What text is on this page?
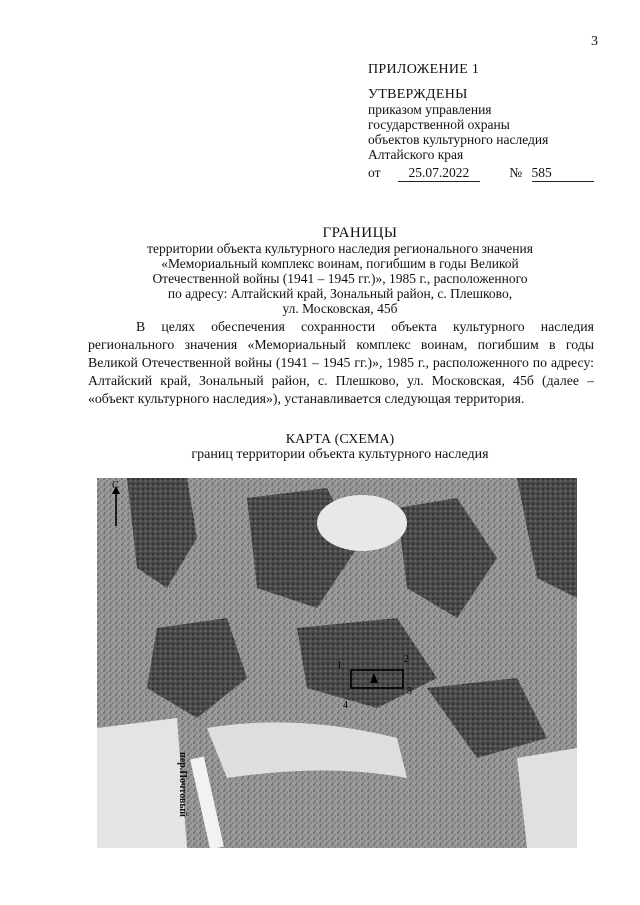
3
ПРИЛОЖЕНИЕ 1
УТВЕРЖДЕНЫ
приказом управления
государственной охраны
объектов культурного наследия
Алтайского края
от 25.07.2022	№ 585
ГРАНИЦЫ
территории объекта культурного наследия регионального значения
«Мемориальный комплекс воинам, погибшим в годы Великой
Отечественной войны (1941 – 1945 гг.)», 1985 г., расположенного
по адресу: Алтайский край, Зональный район, с. Плешково,
ул. Московская, 45б
В целях обеспечения сохранности объекта культурного наследия регионального значения «Мемориальный комплекс воинам, погибшим в годы Великой Отечественной войны (1941 – 1945 гг.)», 1985 г., расположенного по адресу: Алтайский край, Зональный район, с. Плешково, ул. Московская, 45б (далее – «объект культурного наследия»), устанавливается следующая территория.
КАРТА (СХЕМА)
границ территории объекта культурного наследия
1
2
3
4
С
пер.Почтовый
